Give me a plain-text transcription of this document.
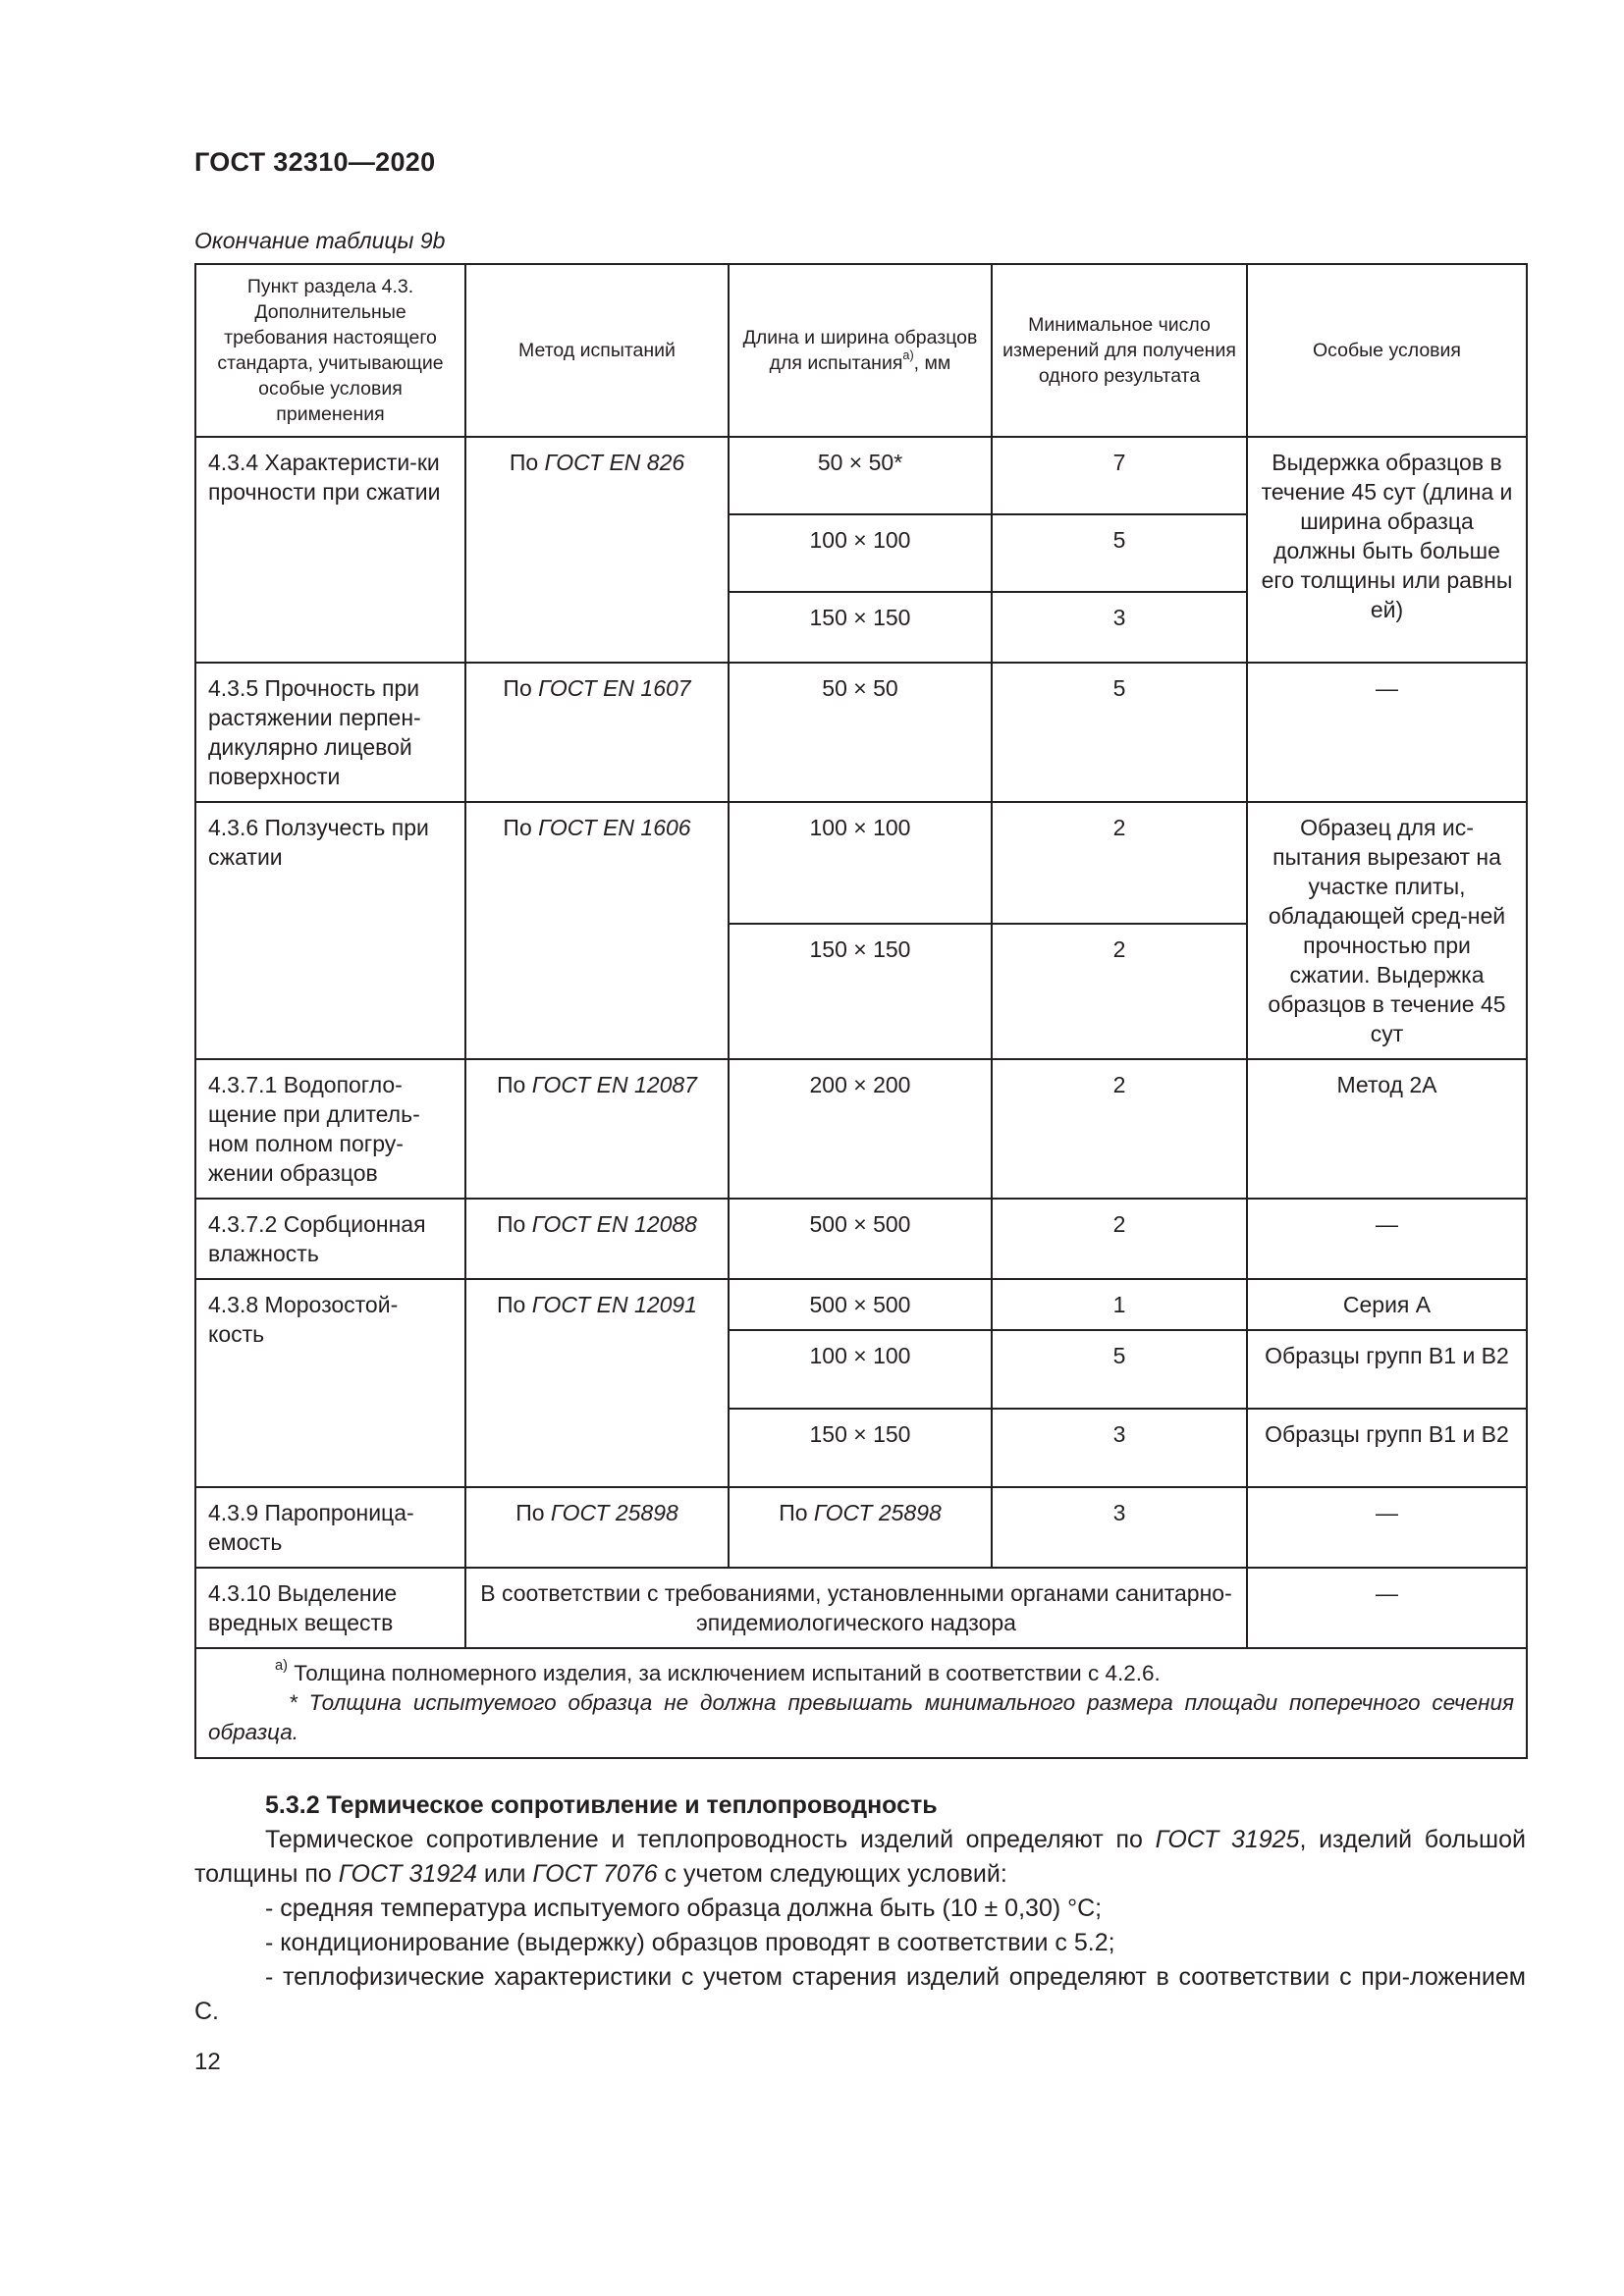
ГОСТ 32310—2020
Окончание таблицы 9b
Пункт раздела 4.3. Дополнительные требования настоящего стандарта, учитывающие особые условия применения	Метод испытаний	Длина и ширина образцов для испытания$^{а)}$, мм	Минимальное число измерений для получения одного результата	Особые условия
4.3.4 Характеристи-ки прочности при сжатии	По ГОСТ EN 826	50 × 50*	7	Выдержка образцов в течение 45 сут (длина и ширина образца должны быть больше его толщины или равны ей)
		100 × 100	5	
		150 × 150	3	
4.3.5 Прочность при растяжении перпен-дикулярно лицевой поверхности	По ГОСТ EN 1607	50 × 50	5	—
4.3.6 Ползучесть при сжатии	По ГОСТ EN 1606	100 × 100	2	Образец для ис-пытания вырезают на участке плиты, обладающей сред-ней прочностью при сжатии. Выдержка образцов в течение 45 сут
		150 × 150	2	
4.3.7.1 Водопогло-щение при длитель-ном полном погру-жении образцов	По ГОСТ EN 12087	200 × 200	2	Метод 2А
4.3.7.2 Сорбционная влажность	По ГОСТ EN 12088	500 × 500	2	—
4.3.8 Морозостой-кость	По ГОСТ EN 12091	500 × 500	1	Серия А
		100 × 100	5	Образцы групп В1 и В2
		150 × 150	3	Образцы групп В1 и В2
4.3.9 Паропроница-емость	По ГОСТ 25898	По ГОСТ 25898	3	—
4.3.10 Выделение вредных веществ	В соответствии с требованиями, установленными органами санитарно-эпидемиологического надзора			—

$^{а)}$ Толщина полномерного изделия, за исключением испытаний в соответствии с 4.2.6.
* Толщина испытуемого образца не должна превышать минимального размера площади поперечного сечения образца.				

5.3.2 Термическое сопротивление и теплопроводность

Термическое сопротивление и теплопроводность изделий определяют по ГОСТ 31925, изделий большой толщины по ГОСТ 31924 или ГОСТ 7076 с учетом следующих условий:

- средняя температура испытуемого образца должна быть (10 ± 0,30) °С;

- кондиционирование (выдержку) образцов проводят в соответствии с 5.2;

- теплофизические характеристики с учетом старения изделий определяют в соответствии с при-ложением С.

12
